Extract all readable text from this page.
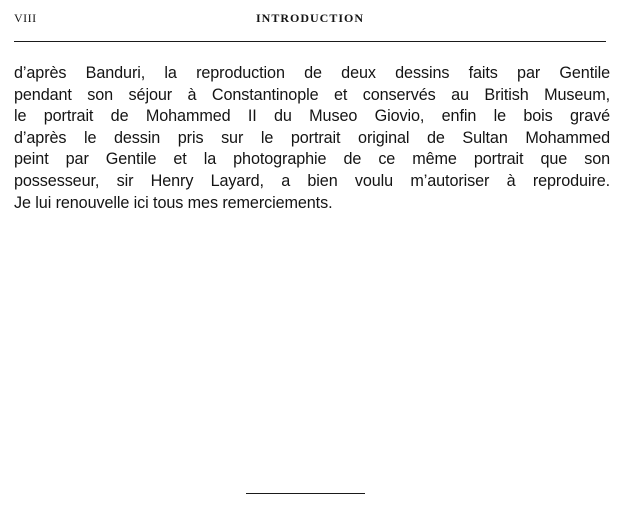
VIII	INTRODUCTION

d’après Banduri, la reproduction de deux dessins faits par Gentile
pendant son séjour à Constantinople et conservés au British Museum,
le portrait de Mohammed II du Museo Giovio, enfin le bois gravé
d’après le dessin pris sur le portrait original de Sultan Mohammed
peint par Gentile et la photographie de ce même portrait que son
possesseur, sir Henry Layard, a bien voulu m’autoriser à reproduire.
Je lui renouvelle ici tous mes remerciements.
